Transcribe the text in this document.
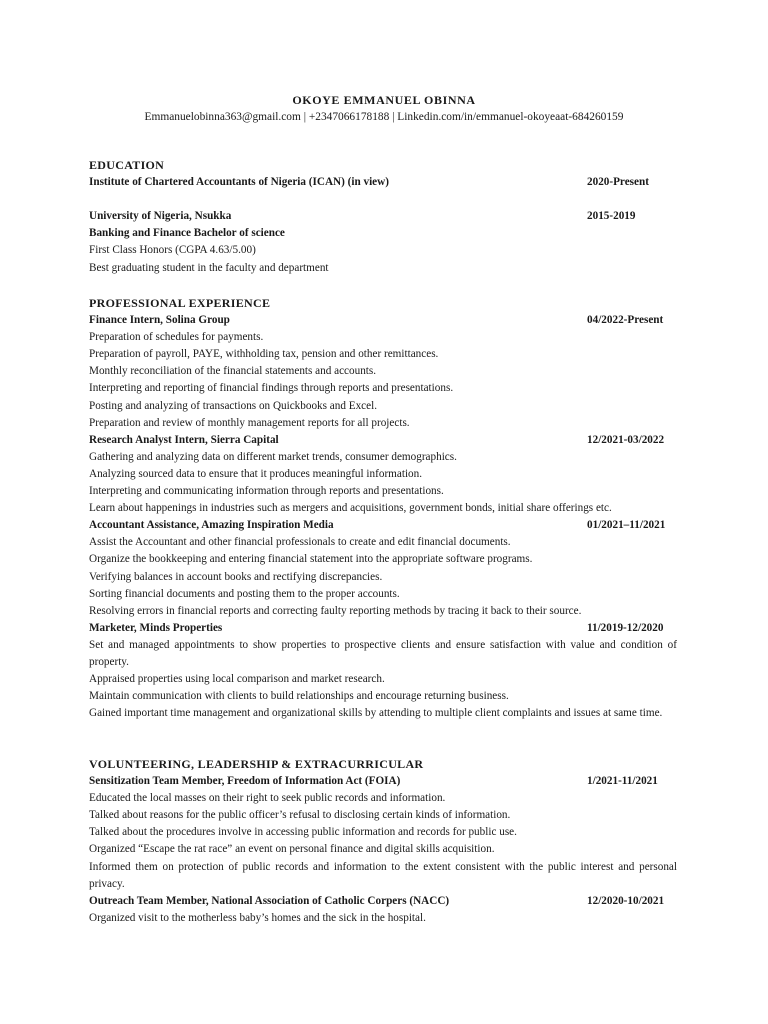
OKOYE EMMANUEL OBINNA
Emmanuelobinna363@gmail.com | +2347066178188 | Linkedin.com/in/emmanuel-okoyeaat-684260159
EDUCATION
Institute of Chartered Accountants of Nigeria (ICAN) (in view)	2020-Present
University of Nigeria, Nsukka	2015-2019
Banking and Finance Bachelor of science
First Class Honors (CGPA 4.63/5.00)
Best graduating student in the faculty and department
PROFESSIONAL EXPERIENCE
Finance Intern, Solina Group	04/2022-Present
Preparation of schedules for payments.
Preparation of payroll, PAYE, withholding tax, pension and other remittances.
Monthly reconciliation of the financial statements and accounts.
Interpreting and reporting of financial findings through reports and presentations.
Posting and analyzing of transactions on Quickbooks and Excel.
Preparation and review of monthly management reports for all projects.
Research Analyst Intern, Sierra Capital	12/2021-03/2022
Gathering and analyzing data on different market trends, consumer demographics.
Analyzing sourced data to ensure that it produces meaningful information.
Interpreting and communicating information through reports and presentations.
Learn about happenings in industries such as mergers and acquisitions, government bonds, initial share offerings etc.
Accountant Assistance, Amazing Inspiration Media	01/2021–11/2021
Assist the Accountant and other financial professionals to create and edit financial documents.
Organize the bookkeeping and entering financial statement into the appropriate software programs.
Verifying balances in account books and rectifying discrepancies.
Sorting financial documents and posting them to the proper accounts.
Resolving errors in financial reports and correcting faulty reporting methods by tracing it back to their source.
Marketer, Minds Properties	11/2019-12/2020
Set and managed appointments to show properties to prospective clients and ensure satisfaction with value and condition of property.
Appraised properties using local comparison and market research.
Maintain communication with clients to build relationships and encourage returning business.
Gained important time management and organizational skills by attending to multiple client complaints and issues at same time.
VOLUNTEERING, LEADERSHIP & EXTRACURRICULAR
Sensitization Team Member, Freedom of Information Act (FOIA)	1/2021-11/2021
Educated the local masses on their right to seek public records and information.
Talked about reasons for the public officer’s refusal to disclosing certain kinds of information.
Talked about the procedures involve in accessing public information and records for public use.
Organized “Escape the rat race” an event on personal finance and digital skills acquisition.
Informed them on protection of public records and information to the extent consistent with the public interest and personal privacy.
Outreach Team Member, National Association of Catholic Corpers (NACC)	12/2020-10/2021
Organized visit to the motherless baby’s homes and the sick in the hospital.
